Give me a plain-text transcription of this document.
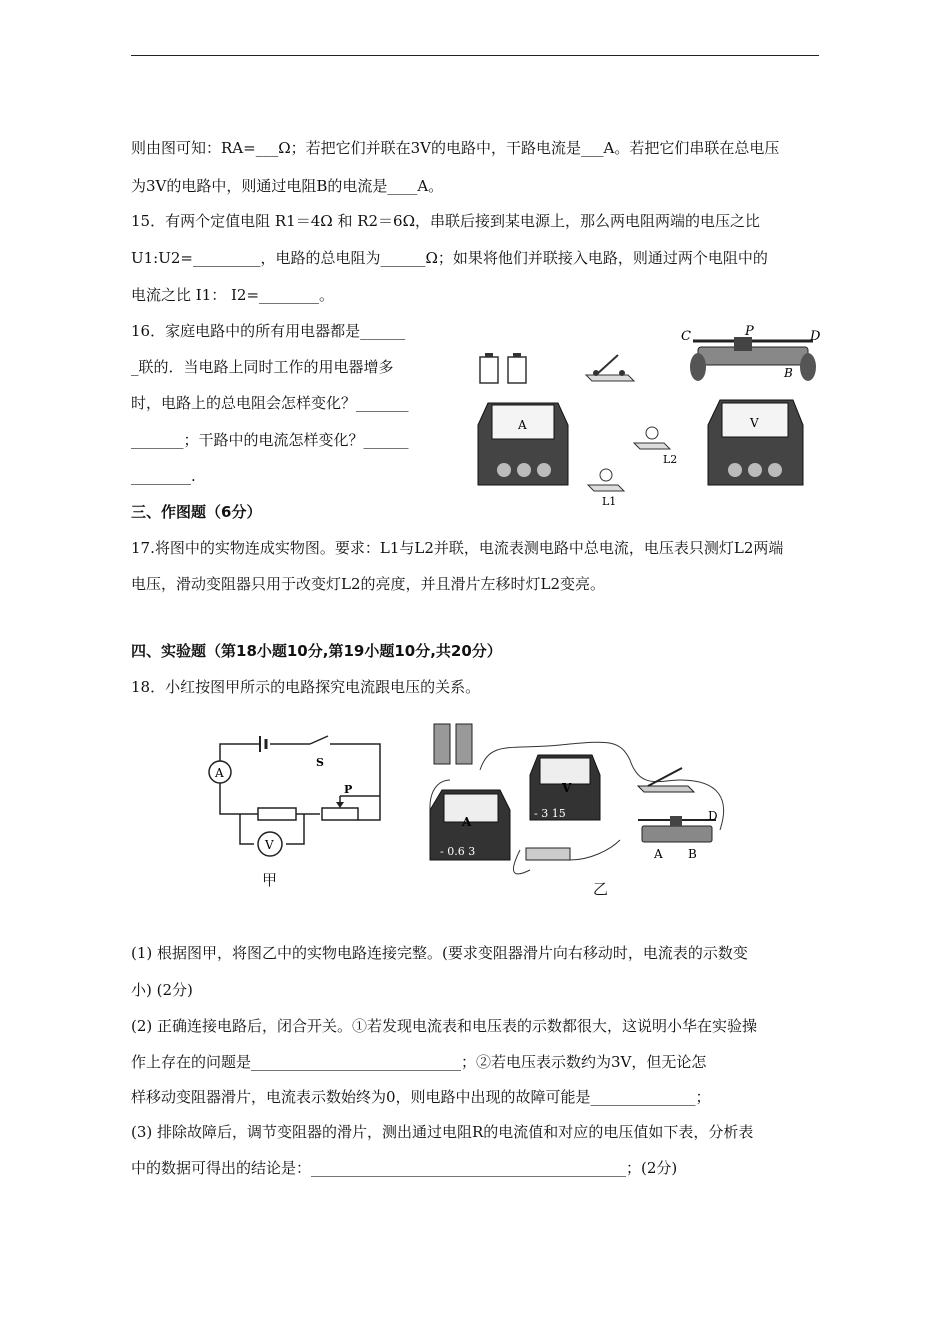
则由图可知：RA=___Ω；若把它们并联在3V的电路中，干路电流是___A。若把它们串联在总电压
为3V的电路中，则通过电阻B的电流是____A。
15．有两个定值电阻 R1＝4Ω 和 R2＝6Ω，串联后接到某电源上，那么两电阻两端的电压之比
U1:U2=_________，电路的总电阻为______Ω；如果将他们并联接入电路，则通过两个电阻中的
电流之比 I1： I2=________。
16．家庭电路中的所有用电器都是______
_联的．当电路上同时工作的用电器增多
时，电路上的总电阻会怎样变化？_______
_______；干路中的电流怎样变化？______
________.
C	P	D
A	B
A
3 0.6 +	L1
L2
V
15 3 +
三、作图题（6分）
17.将图中的实物连成实物图。要求：L1与L2并联，电流表测电路中总电流，电压表只测灯L2两端
电压，滑动变阻器只用于改变灯L2的亮度，并且滑片左移时灯L2变亮。
四、实验题（第18小题10分,第19小题10分,共20分）
18．小红按图甲所示的电路探究电流跟电压的关系。
A
V
S
P
甲
A
- 0.6 3
V
- 3 15
A B
D
乙
(1) 根据图甲，将图乙中的实物电路连接完整。(要求变阻器滑片向右移动时，电流表的示数变
小) (2分)
(2) 正确连接电路后，闭合开关。①若发现电流表和电压表的示数都很大，这说明小华在实验操
作上存在的问题是____________________________；②若电压表示数约为3V，但无论怎
样移动变阻器滑片，电流表示数始终为0，则电路中出现的故障可能是______________；
(3) 排除故障后，调节变阻器的滑片，测出通过电阻R的电流值和对应的电压值如下表，分析表
中的数据可得出的结论是：__________________________________________；(2分)
